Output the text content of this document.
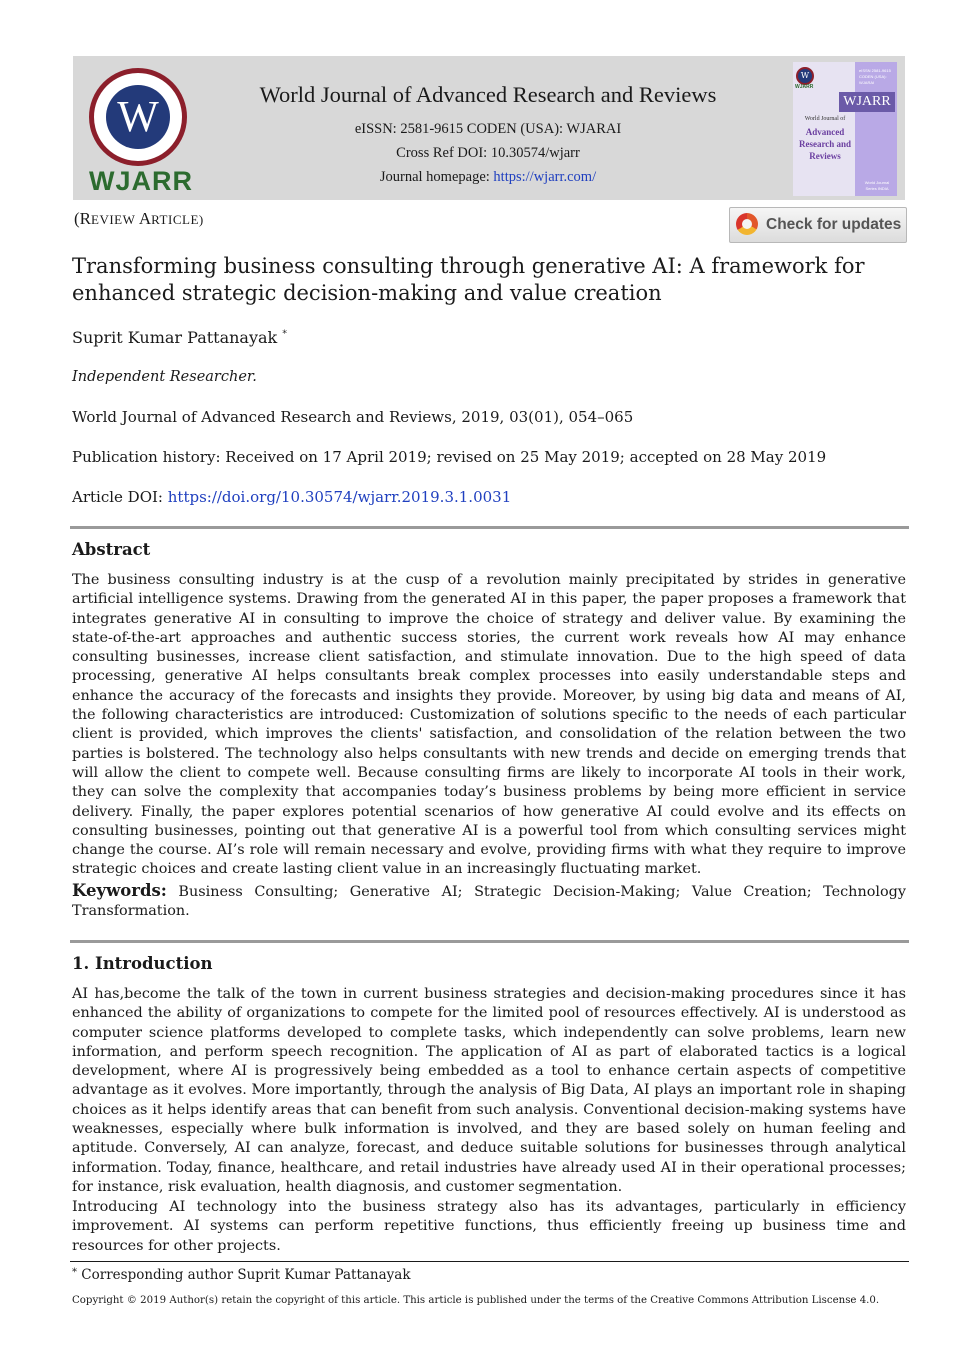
W
WJARR
World Journal of Advanced Research and Reviews
eISSN: 2581-9615 CODEN (USA): WJARAI
Cross Ref DOI: 10.30574/wjarr
Journal homepage: https://wjarr.com/
W
WJARR
eISSN 2581-9615 CODEN (USA): WJARAI
WJARR
World Journal of
Advanced
Research and
Reviews
World Journal Series INDIA
(REVIEW ARTICLE)	Check for updates
Transforming business consulting through generative AI: A framework for enhanced strategic decision-making and value creation
Suprit Kumar Pattanayak *
Independent Researcher.
World Journal of Advanced Research and Reviews, 2019, 03(01), 054–065
Publication history: Received on 17 April 2019; revised on 25 May 2019; accepted on 28 May 2019
Article DOI: https://doi.org/10.30574/wjarr.2019.3.1.0031
Abstract
The business consulting industry is at the cusp of a revolution mainly precipitated by strides in generative artificial intelligence systems. Drawing from the generated AI in this paper, the paper proposes a framework that integrates generative AI in consulting to improve the choice of strategy and deliver value. By examining the state-of-the-art approaches and authentic success stories, the current work reveals how AI may enhance consulting businesses, increase client satisfaction, and stimulate innovation. Due to the high speed of data processing, generative AI helps consultants break complex processes into easily understandable steps and enhance the accuracy of the forecasts and insights they provide. Moreover, by using big data and means of AI, the following characteristics are introduced: Customization of solutions specific to the needs of each particular client is provided, which improves the clients' satisfaction, and consolidation of the relation between the two parties is bolstered. The technology also helps consultants with new trends and decide on emerging trends that will allow the client to compete well. Because consulting firms are likely to incorporate AI tools in their work, they can solve the complexity that accompanies today’s business problems by being more efficient in service delivery. Finally, the paper explores potential scenarios of how generative AI could evolve and its effects on consulting businesses, pointing out that generative AI is a powerful tool from which consulting services might change the course. AI’s role will remain necessary and evolve, providing firms with what they require to improve strategic choices and create lasting client value in an increasingly fluctuating market.
Keywords: Business Consulting; Generative AI; Strategic Decision-Making; Value Creation; Technology Transformation.
1. Introduction
AI has,become the talk of the town in current business strategies and decision-making procedures since it has enhanced the ability of organizations to compete for the limited pool of resources effectively. AI is understood as computer science platforms developed to complete tasks, which independently can solve problems, learn new information, and perform speech recognition. The application of AI as part of elaborated tactics is a logical development, where AI is progressively being embedded as a tool to enhance certain aspects of competitive advantage as it evolves. More importantly, through the analysis of Big Data, AI plays an important role in shaping choices as it helps identify areas that can benefit from such analysis. Conventional decision-making systems have weaknesses, especially where bulk information is involved, and they are based solely on human feeling and aptitude. Conversely, AI can analyze, forecast, and deduce suitable solutions for businesses through analytical information. Today, finance, healthcare, and retail industries have already used AI in their operational processes; for instance, risk evaluation, health diagnosis, and customer segmentation.
Introducing AI technology into the business strategy also has its advantages, particularly in efficiency improvement. AI systems can perform repetitive functions, thus efficiently freeing up business time and resources for other projects.
* Corresponding author Suprit Kumar Pattanayak
Copyright © 2019 Author(s) retain the copyright of this article. This article is published under the terms of the Creative Commons Attribution Liscense 4.0.
